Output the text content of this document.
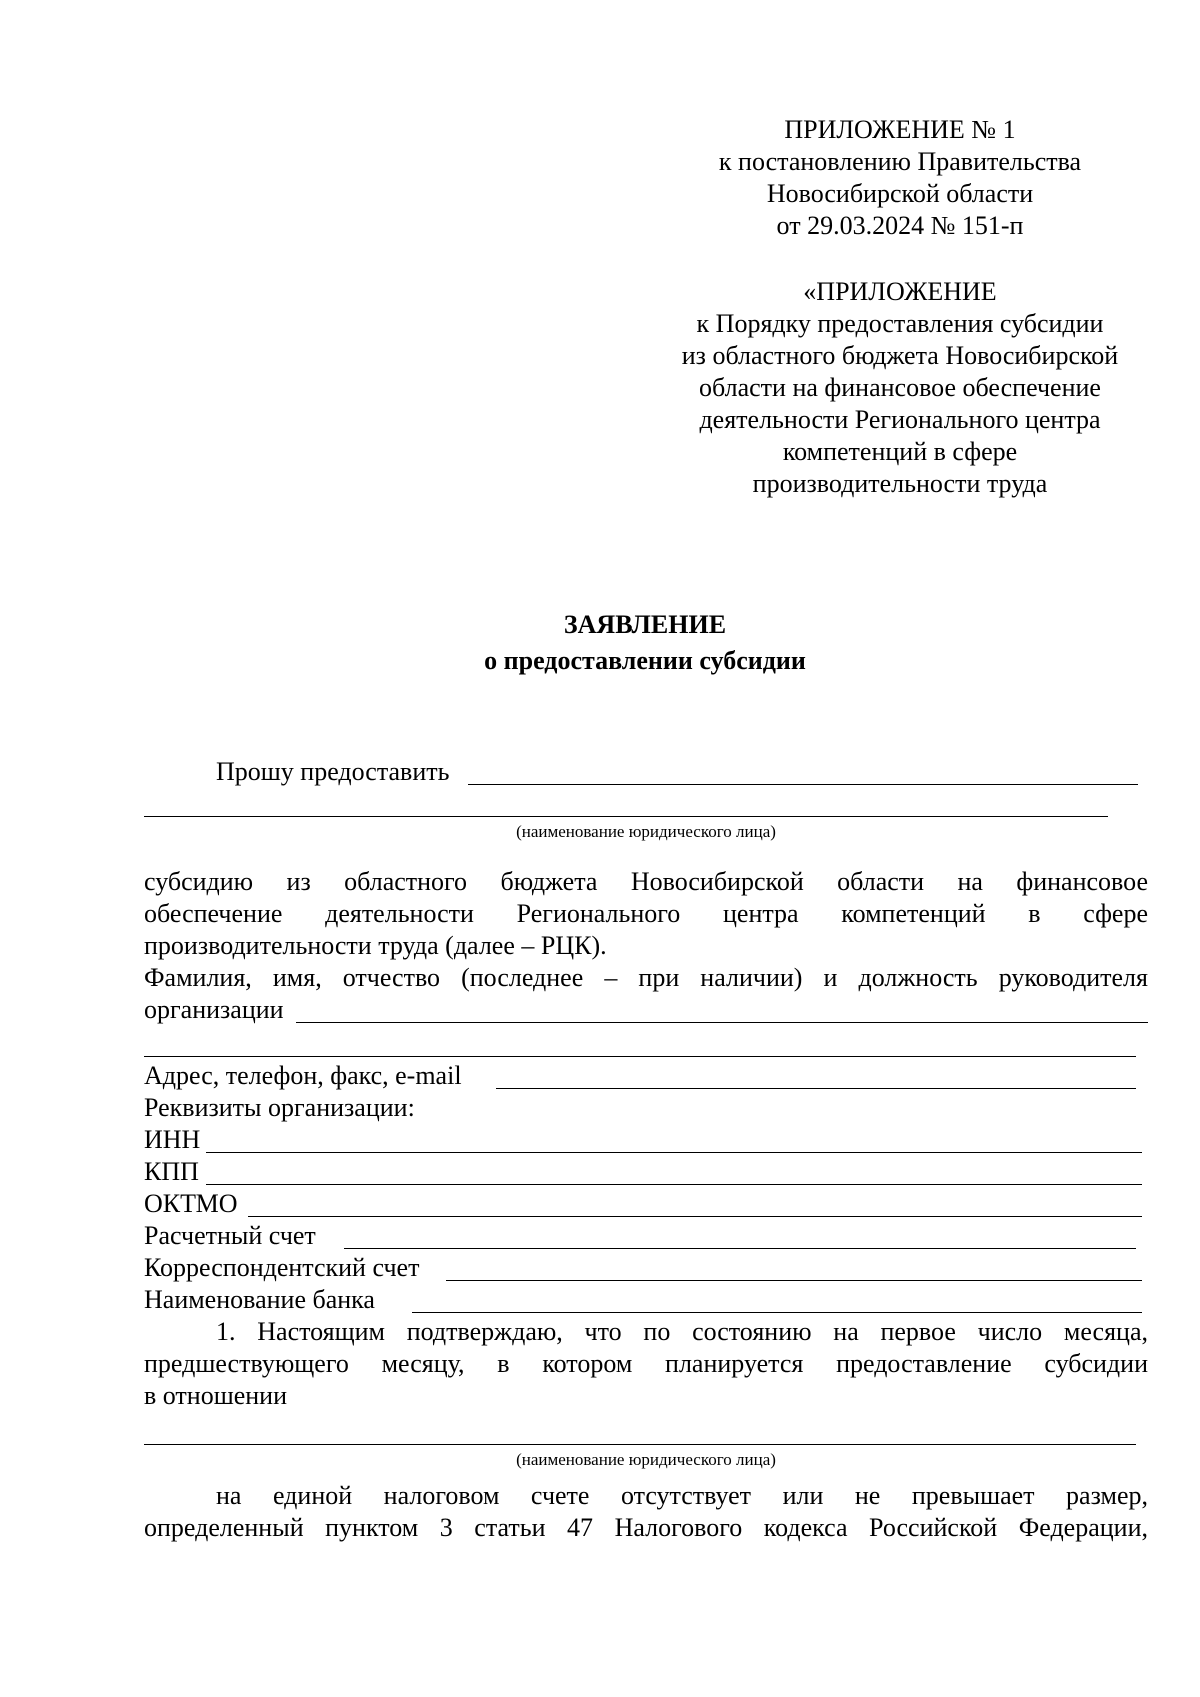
ПРИЛОЖЕНИЕ № 1
к постановлению Правительства
Новосибирской области
от 29.03.2024 № 151-п
«ПРИЛОЖЕНИЕ
к Порядку предоставления субсидии
из областного бюджета Новосибирской
области на финансовое обеспечение
деятельности Регионального центра
компетенций в сфере
производительности труда
ЗАЯВЛЕНИЕ
о предоставлении субсидии
Прошу предоставить
(наименование юридического лица)
субсидию из областного бюджета Новосибирской области на финансовое
обеспечение деятельности Регионального центра компетенций в сфере
производительности труда (далее – РЦК).
Фамилия, имя, отчество (последнее – при наличии) и должность руководителя
организации
Адрес, телефон, факс, e-mail
Реквизиты организации:
ИНН
КПП
ОКТМО
Расчетный счет
Корреспондентский счет
Наименование банка
1. Настоящим подтверждаю, что по состоянию на первое число месяца,
предшествующего месяцу, в котором планируется предоставление субсидии
в отношении
(наименование юридического лица)
на единой налоговом счете отсутствует или не превышает размер,
определенный пунктом 3 статьи 47 Налогового кодекса Российской Федерации,
